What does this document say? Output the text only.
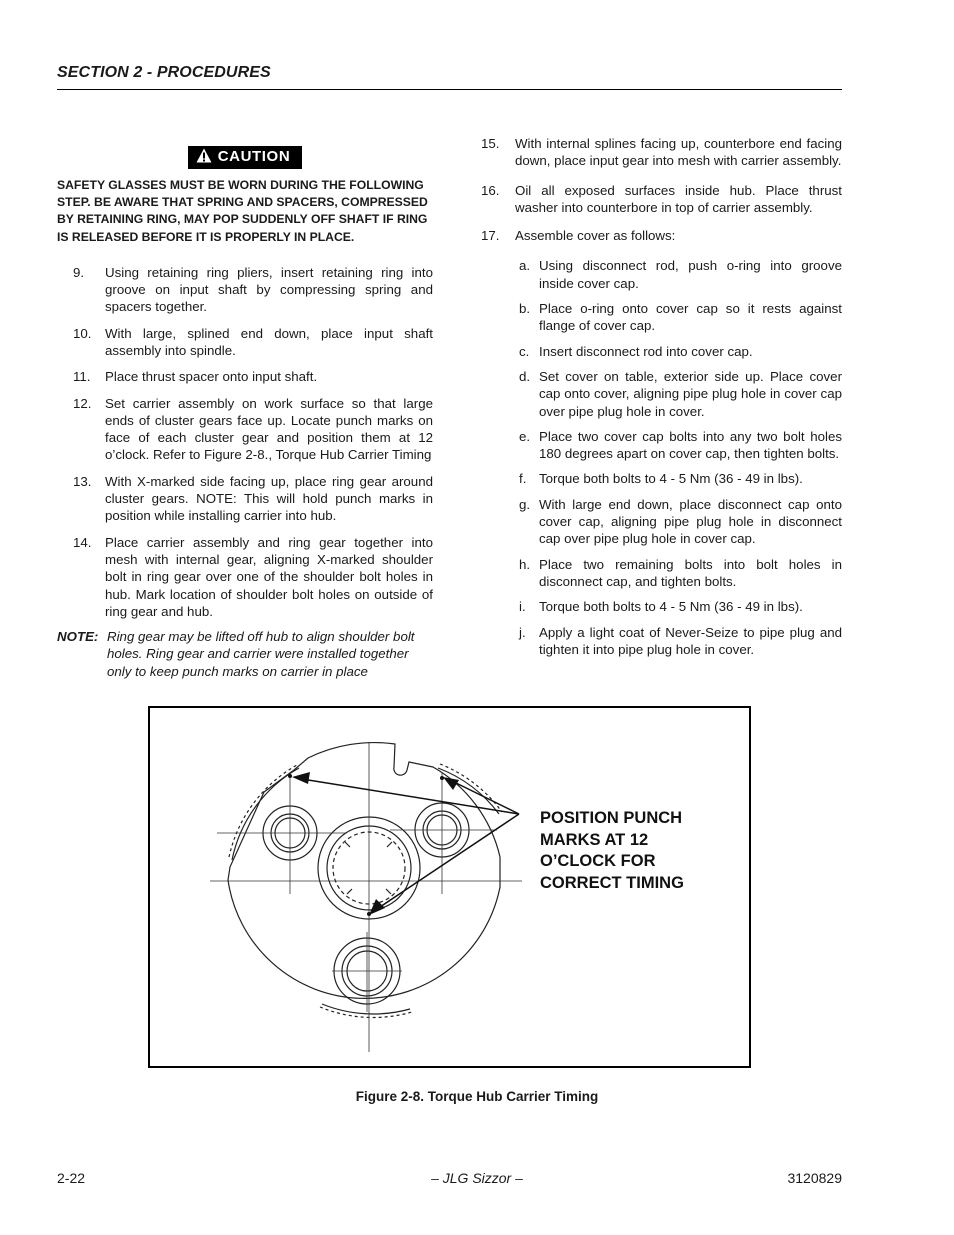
SECTION 2 - PROCEDURES
CAUTION
SAFETY GLASSES MUST BE WORN DURING THE FOLLOWING STEP. BE AWARE THAT SPRING AND SPACERS, COMPRESSED BY RETAINING RING, MAY POP SUDDENLY OFF SHAFT IF RING IS RELEASED BEFORE IT IS PROPERLY IN PLACE.
9.	Using retaining ring pliers, insert retaining ring into groove on input shaft by compressing spring and spacers together.
10.	With large, splined end down, place input shaft assembly into spindle.
11.	Place thrust spacer onto input shaft.
12.	Set carrier assembly on work surface so that large ends of cluster gears face up. Locate punch marks on face of each cluster gear and position them at 12 o’clock. Refer to Figure 2-8., Torque Hub Carrier Timing
13.	With X-marked side facing up, place ring gear around cluster gears. NOTE: This will hold punch marks in position while installing carrier into hub.
14.	Place carrier assembly and ring gear together into mesh with internal gear, aligning X-marked shoulder bolt in ring gear over one of the shoulder bolt holes in hub. Mark location of shoulder bolt holes on outside of ring gear and hub.
NOTE: Ring gear may be lifted off hub to align shoulder bolt holes. Ring gear and carrier were installed together only to keep punch marks on carrier in place
15.	With internal splines facing up, counterbore end facing down, place input gear into mesh with carrier assembly.
16.	Oil all exposed surfaces inside hub. Place thrust washer into counterbore in top of carrier assembly.
17.	Assemble cover as follows:
a. Using disconnect rod, push o-ring into groove inside cover cap.
b. Place o-ring onto cover cap so it rests against flange of cover cap.
c. Insert disconnect rod into cover cap.
d. Set cover on table, exterior side up. Place cover cap onto cover, aligning pipe plug hole in cover cap over pipe plug hole in cover.
e. Place two cover cap bolts into any two bolt holes 180 degrees apart on cover cap, then tighten bolts.
f. Torque both bolts to 4 - 5 Nm (36 - 49 in lbs).
g. With large end down, place disconnect cap onto cover cap, aligning pipe plug hole in disconnect cap over pipe plug hole in cover cap.
h. Place two remaining bolts into bolt holes in disconnect cap, and tighten bolts.
i.	Torque both bolts to 4 - 5 Nm (36 - 49 in lbs).
j.	Apply a light coat of Never-Seize to pipe plug and tighten it into pipe plug hole in cover.
POSITION PUNCH
MARKS AT 12
O’CLOCK FOR
CORRECT TIMING
Figure 2-8. Torque Hub Carrier Timing
2-22	– JLG Sizzor –	3120829
